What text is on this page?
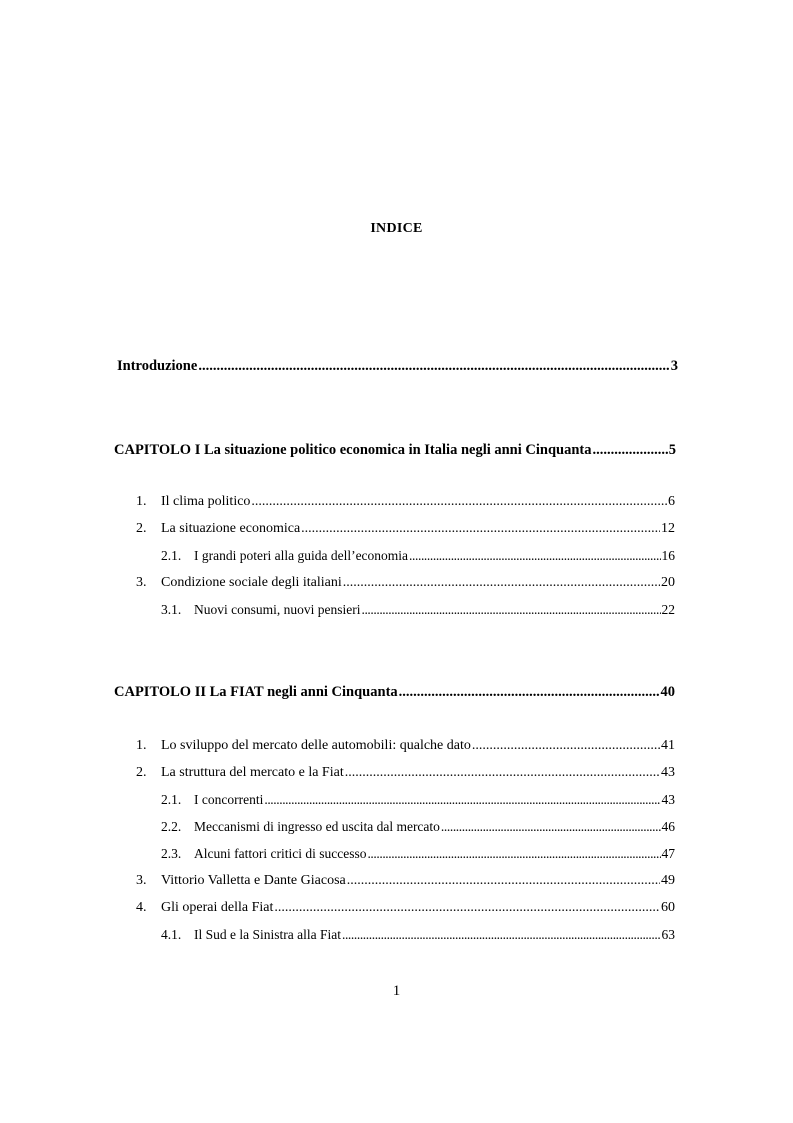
INDICE
Introduzione .....	3
CAPITOLO I La situazione politico economica in Italia negli anni Cinquanta .....	5
1.	Il clima politico .....	6
2.	La situazione economica .....	12
2.1. I grandi poteri alla guida dell’economia .....	16
3.	Condizione sociale degli italiani .....	20
3.1. Nuovi consumi, nuovi pensieri .....	22
CAPITOLO II La FIAT negli anni Cinquanta .....	40
1.	Lo sviluppo del mercato delle automobili: qualche dato .....	41
2.	La struttura del mercato e la Fiat .....	43
2.1. I concorrenti .....	43
2.2. Meccanismi di ingresso ed uscita dal mercato .....	46
2.3. Alcuni fattori critici di successo .....	47
3.	Vittorio Valletta e Dante Giacosa .....	49
4.	Gli operai della Fiat .....	60
4.1. Il Sud e la Sinistra alla Fiat .....	63
1
